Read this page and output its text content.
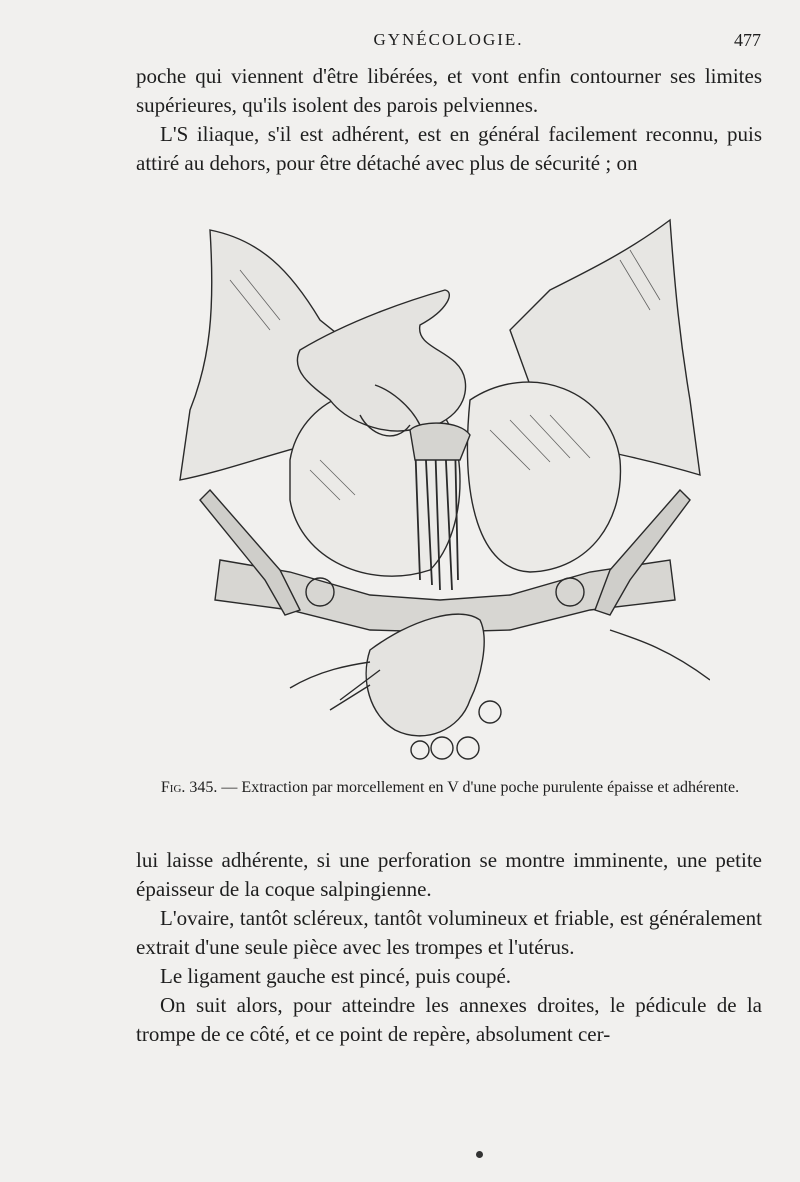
GYNÉCOLOGIE.	477

poche qui viennent d'être libérées, et vont enfin contourner ses limites supérieures, qu'ils isolent des parois pelviennes.

L'S iliaque, s'il est adhérent, est en général facilement reconnu, puis attiré au dehors, pour être détaché avec plus de sécurité ; on

Fig. 345. — Extraction par morcellement en V d'une poche purulente épaisse et adhérente.

lui laisse adhérente, si une perforation se montre imminente, une petite épaisseur de la coque salpingienne.

L'ovaire, tantôt scléreux, tantôt volumineux et friable, est généralement extrait d'une seule pièce avec les trompes et l'utérus.

Le ligament gauche est pincé, puis coupé.

On suit alors, pour atteindre les annexes droites, le pédicule de la trompe de ce côté, et ce point de repère, absolument cer-
